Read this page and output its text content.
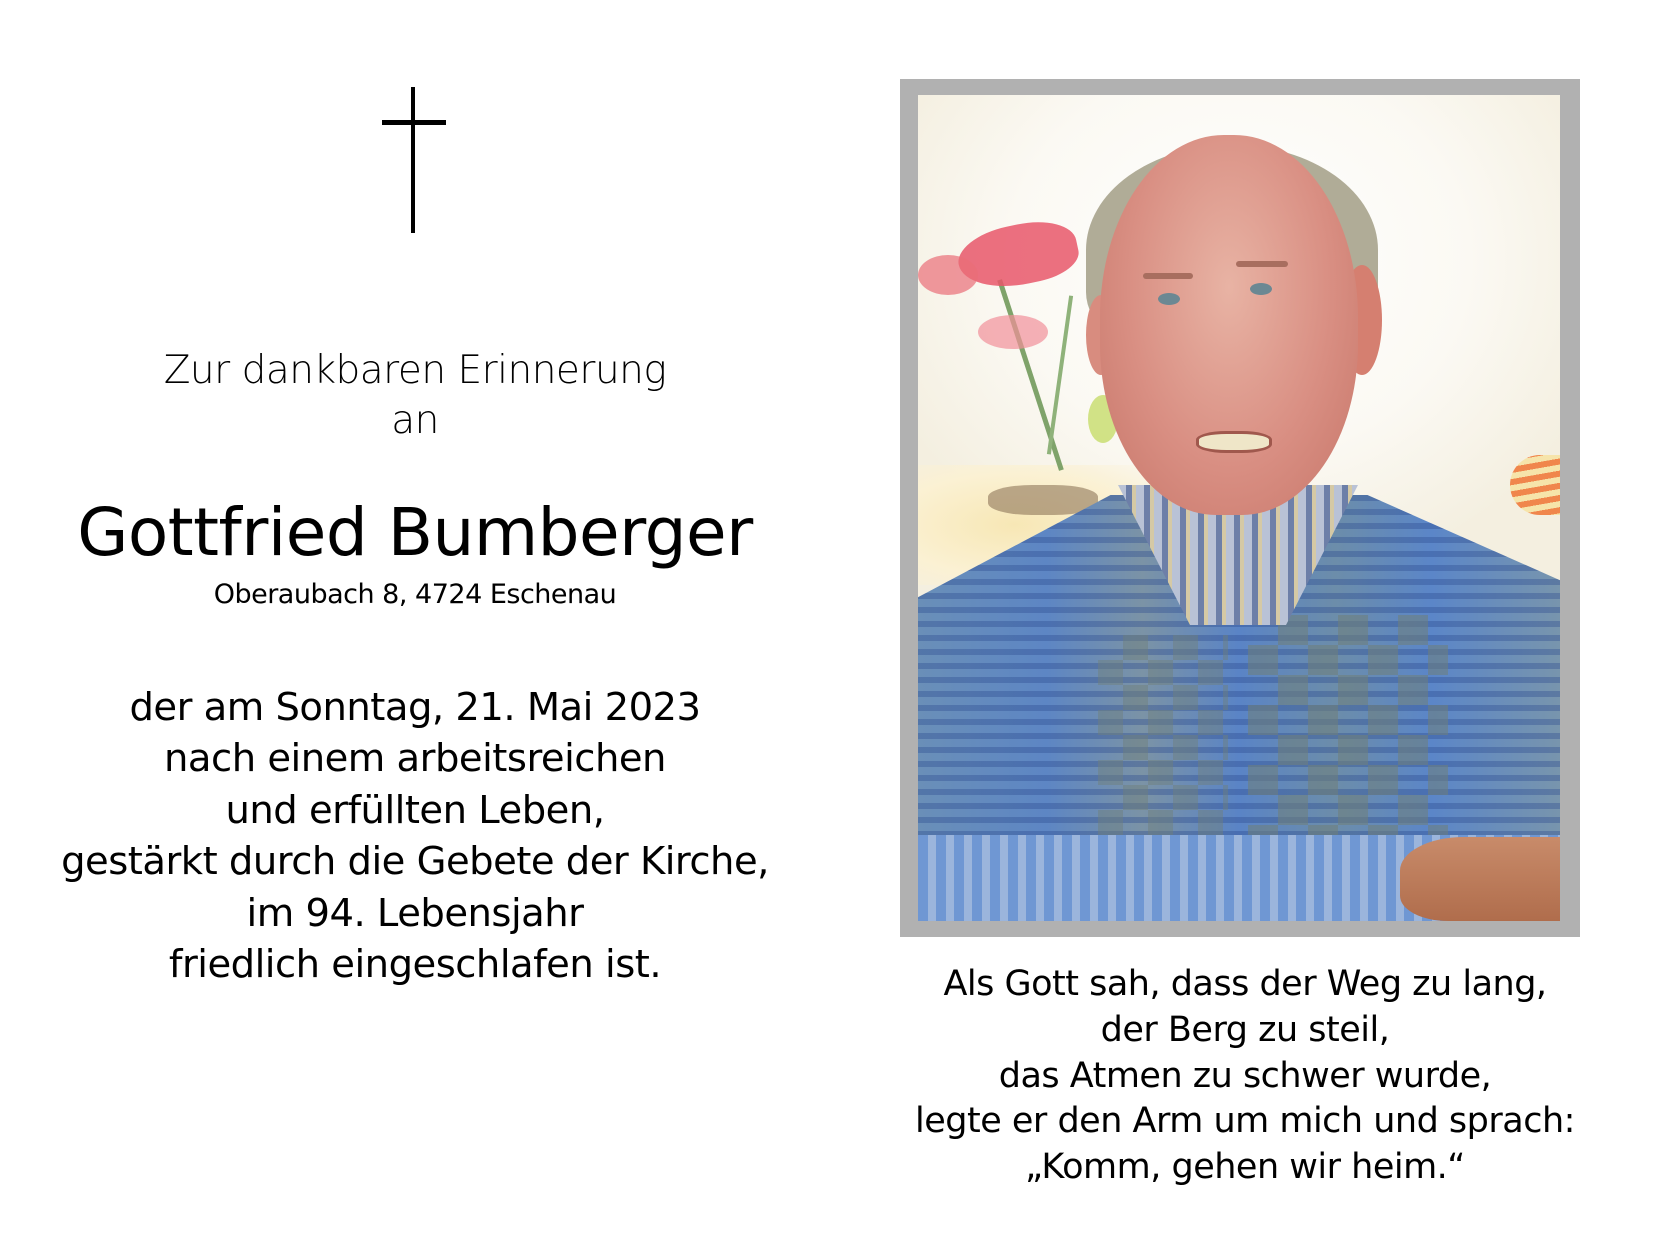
Zur dankbaren Erinnerung
an
Gottfried Bumberger
Oberaubach 8, 4724 Eschenau
der am Sonntag, 21. Mai 2023
nach einem arbeitsreichen
und erfüllten Leben,
gestärkt durch die Gebete der Kirche,
im 94. Lebensjahr
friedlich eingeschlafen ist.	Als Gott sah, dass der Weg zu lang,
der Berg zu steil,
das Atmen zu schwer wurde,
legte er den Arm um mich und sprach:
„Komm, gehen wir heim.“
